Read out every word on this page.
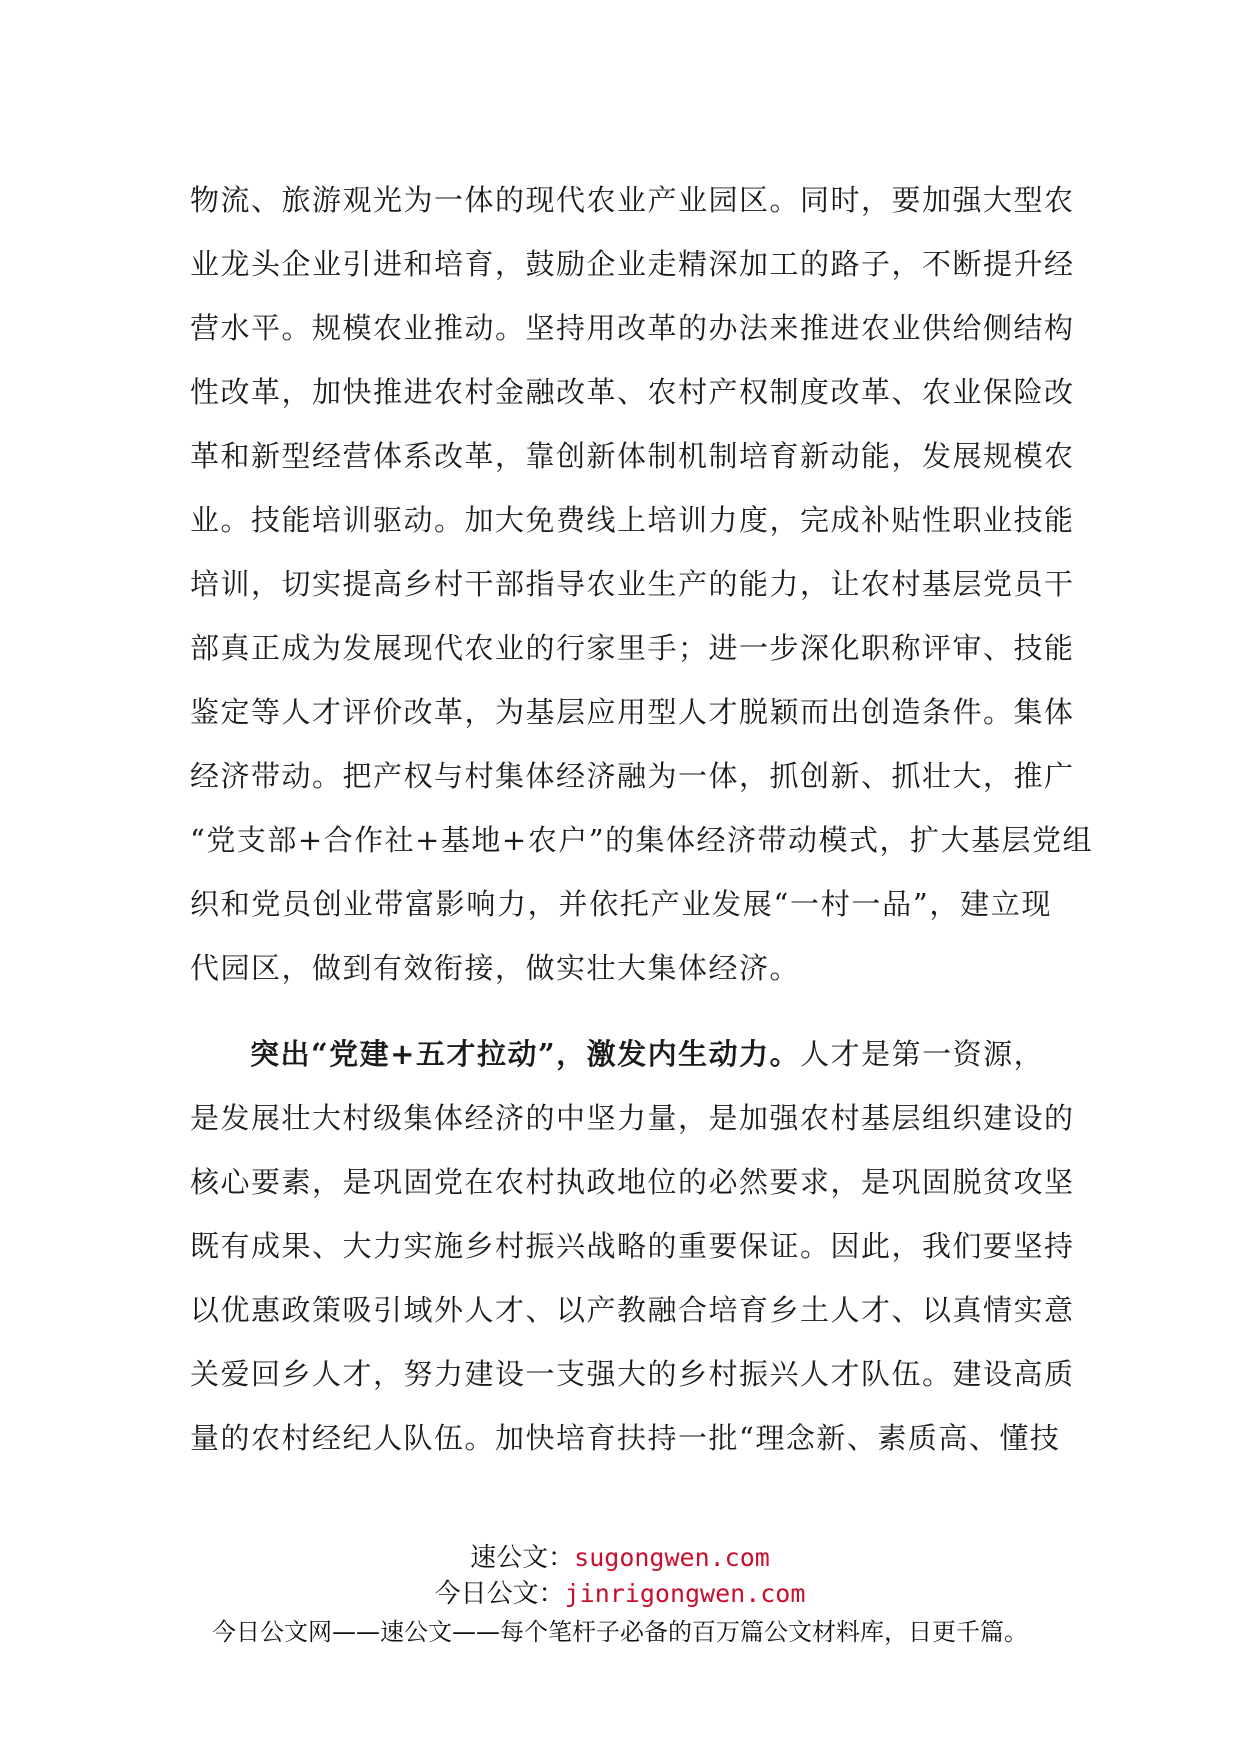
物流、旅游观光为一体的现代农业产业园区。同时，要加强大型农
业龙头企业引进和培育，鼓励企业走精深加工的路子，不断提升经
营水平。规模农业推动。坚持用改革的办法来推进农业供给侧结构
性改革，加快推进农村金融改革、农村产权制度改革、农业保险改
革和新型经营体系改革，靠创新体制机制培育新动能，发展规模农
业。技能培训驱动。加大免费线上培训力度，完成补贴性职业技能
培训，切实提高乡村干部指导农业生产的能力，让农村基层党员干
部真正成为发展现代农业的行家里手；进一步深化职称评审、技能
鉴定等人才评价改革，为基层应用型人才脱颖而出创造条件。集体
经济带动。把产权与村集体经济融为一体，抓创新、抓壮大，推广
“党支部+合作社+基地+农户”的集体经济带动模式，扩大基层党组
织和党员创业带富影响力，并依托产业发展“一村一品”，建立现
代园区，做到有效衔接，做实壮大集体经济。
突出“党建+五才拉动”，激发内生动力。人才是第一资源，
是发展壮大村级集体经济的中坚力量，是加强农村基层组织建设的
核心要素，是巩固党在农村执政地位的必然要求，是巩固脱贫攻坚
既有成果、大力实施乡村振兴战略的重要保证。因此，我们要坚持
以优惠政策吸引域外人才、以产教融合培育乡土人才、以真情实意
关爱回乡人才，努力建设一支强大的乡村振兴人才队伍。建设高质
量的农村经纪人队伍。加快培育扶持一批“理念新、素质高、懂技
速公文：sugongwen.com
今日公文：jinrigongwen.com
今日公文网——速公文——每个笔杆子必备的百万篇公文材料库，日更千篇。
